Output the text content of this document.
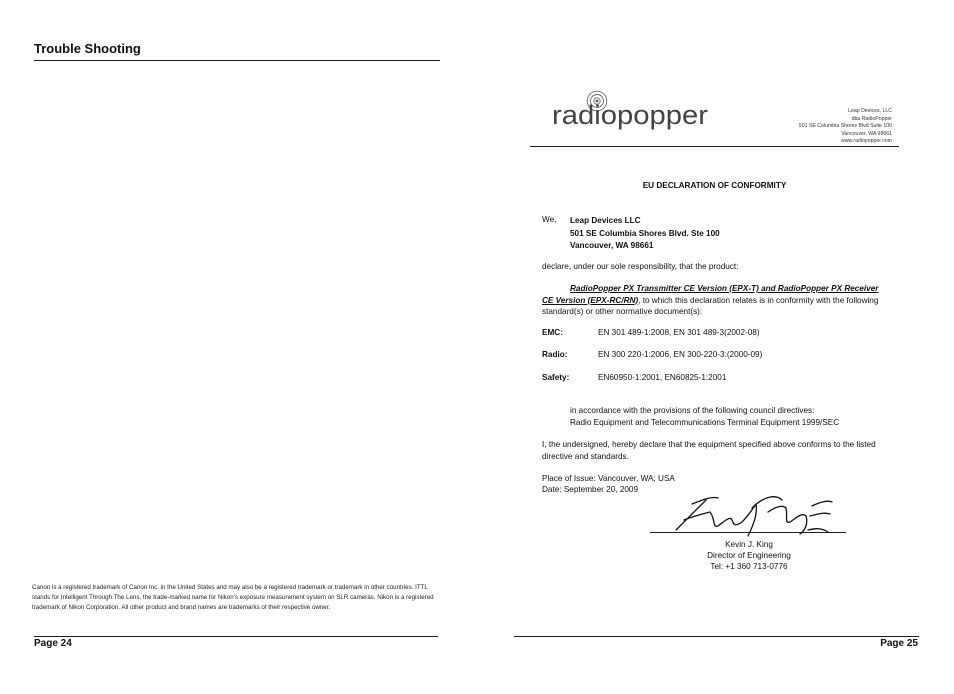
Trouble Shooting
Canon is a registered trademark of Canon Inc. in the United States and may also be a registered trademark or trademark in other countries. ITTL stands for Intelligent Through The Lens, the trade-marked name for Nikon's exposure measurement system on SLR cameras. Nikon is a registered trademark of Nikon Corporation. All other product and brand names are trademarks of their respective owner.
Page 24
radiopopper	Leap Devices, LLC
dba RadioPopper
501 SE Columbia Shores Blvd Suite 100
Vancouver, WA 98661
www.radiopopper.com
EU DECLARATION OF CONFORMITY
We, Leap Devices LLC
501 SE Columbia Shores Blvd. Ste 100
Vancouver, WA 98661
declare, under our sole responsibility, that the product:
RadioPopper PX Transmitter CE Version (EPX-T) and RadioPopper PX Receiver CE Version (EPX-RC/RN), to which this declaration relates is in conformity with the following standard(s) or other normative document(s):
EMC:	EN 301 489-1:2008, EN 301 489-3(2002-08)
Radio:	EN 300 220-1:2006, EN 300-220-3:(2000-09)
Safety:	EN60950-1:2001, EN60825-1:2001
in accordance with the provisions of the following council directives:
Radio Equipment and Telecommunications Terminal Equipment 1999/SEC
I, the undersigned, hereby declare that the equipment specified above conforms to the listed directive and standards.
Place of Issue: Vancouver, WA; USA
Date: September 20, 2009
Kevin J. King
Director of Engineering
Tel: +1 360 713-0776
Page 25
